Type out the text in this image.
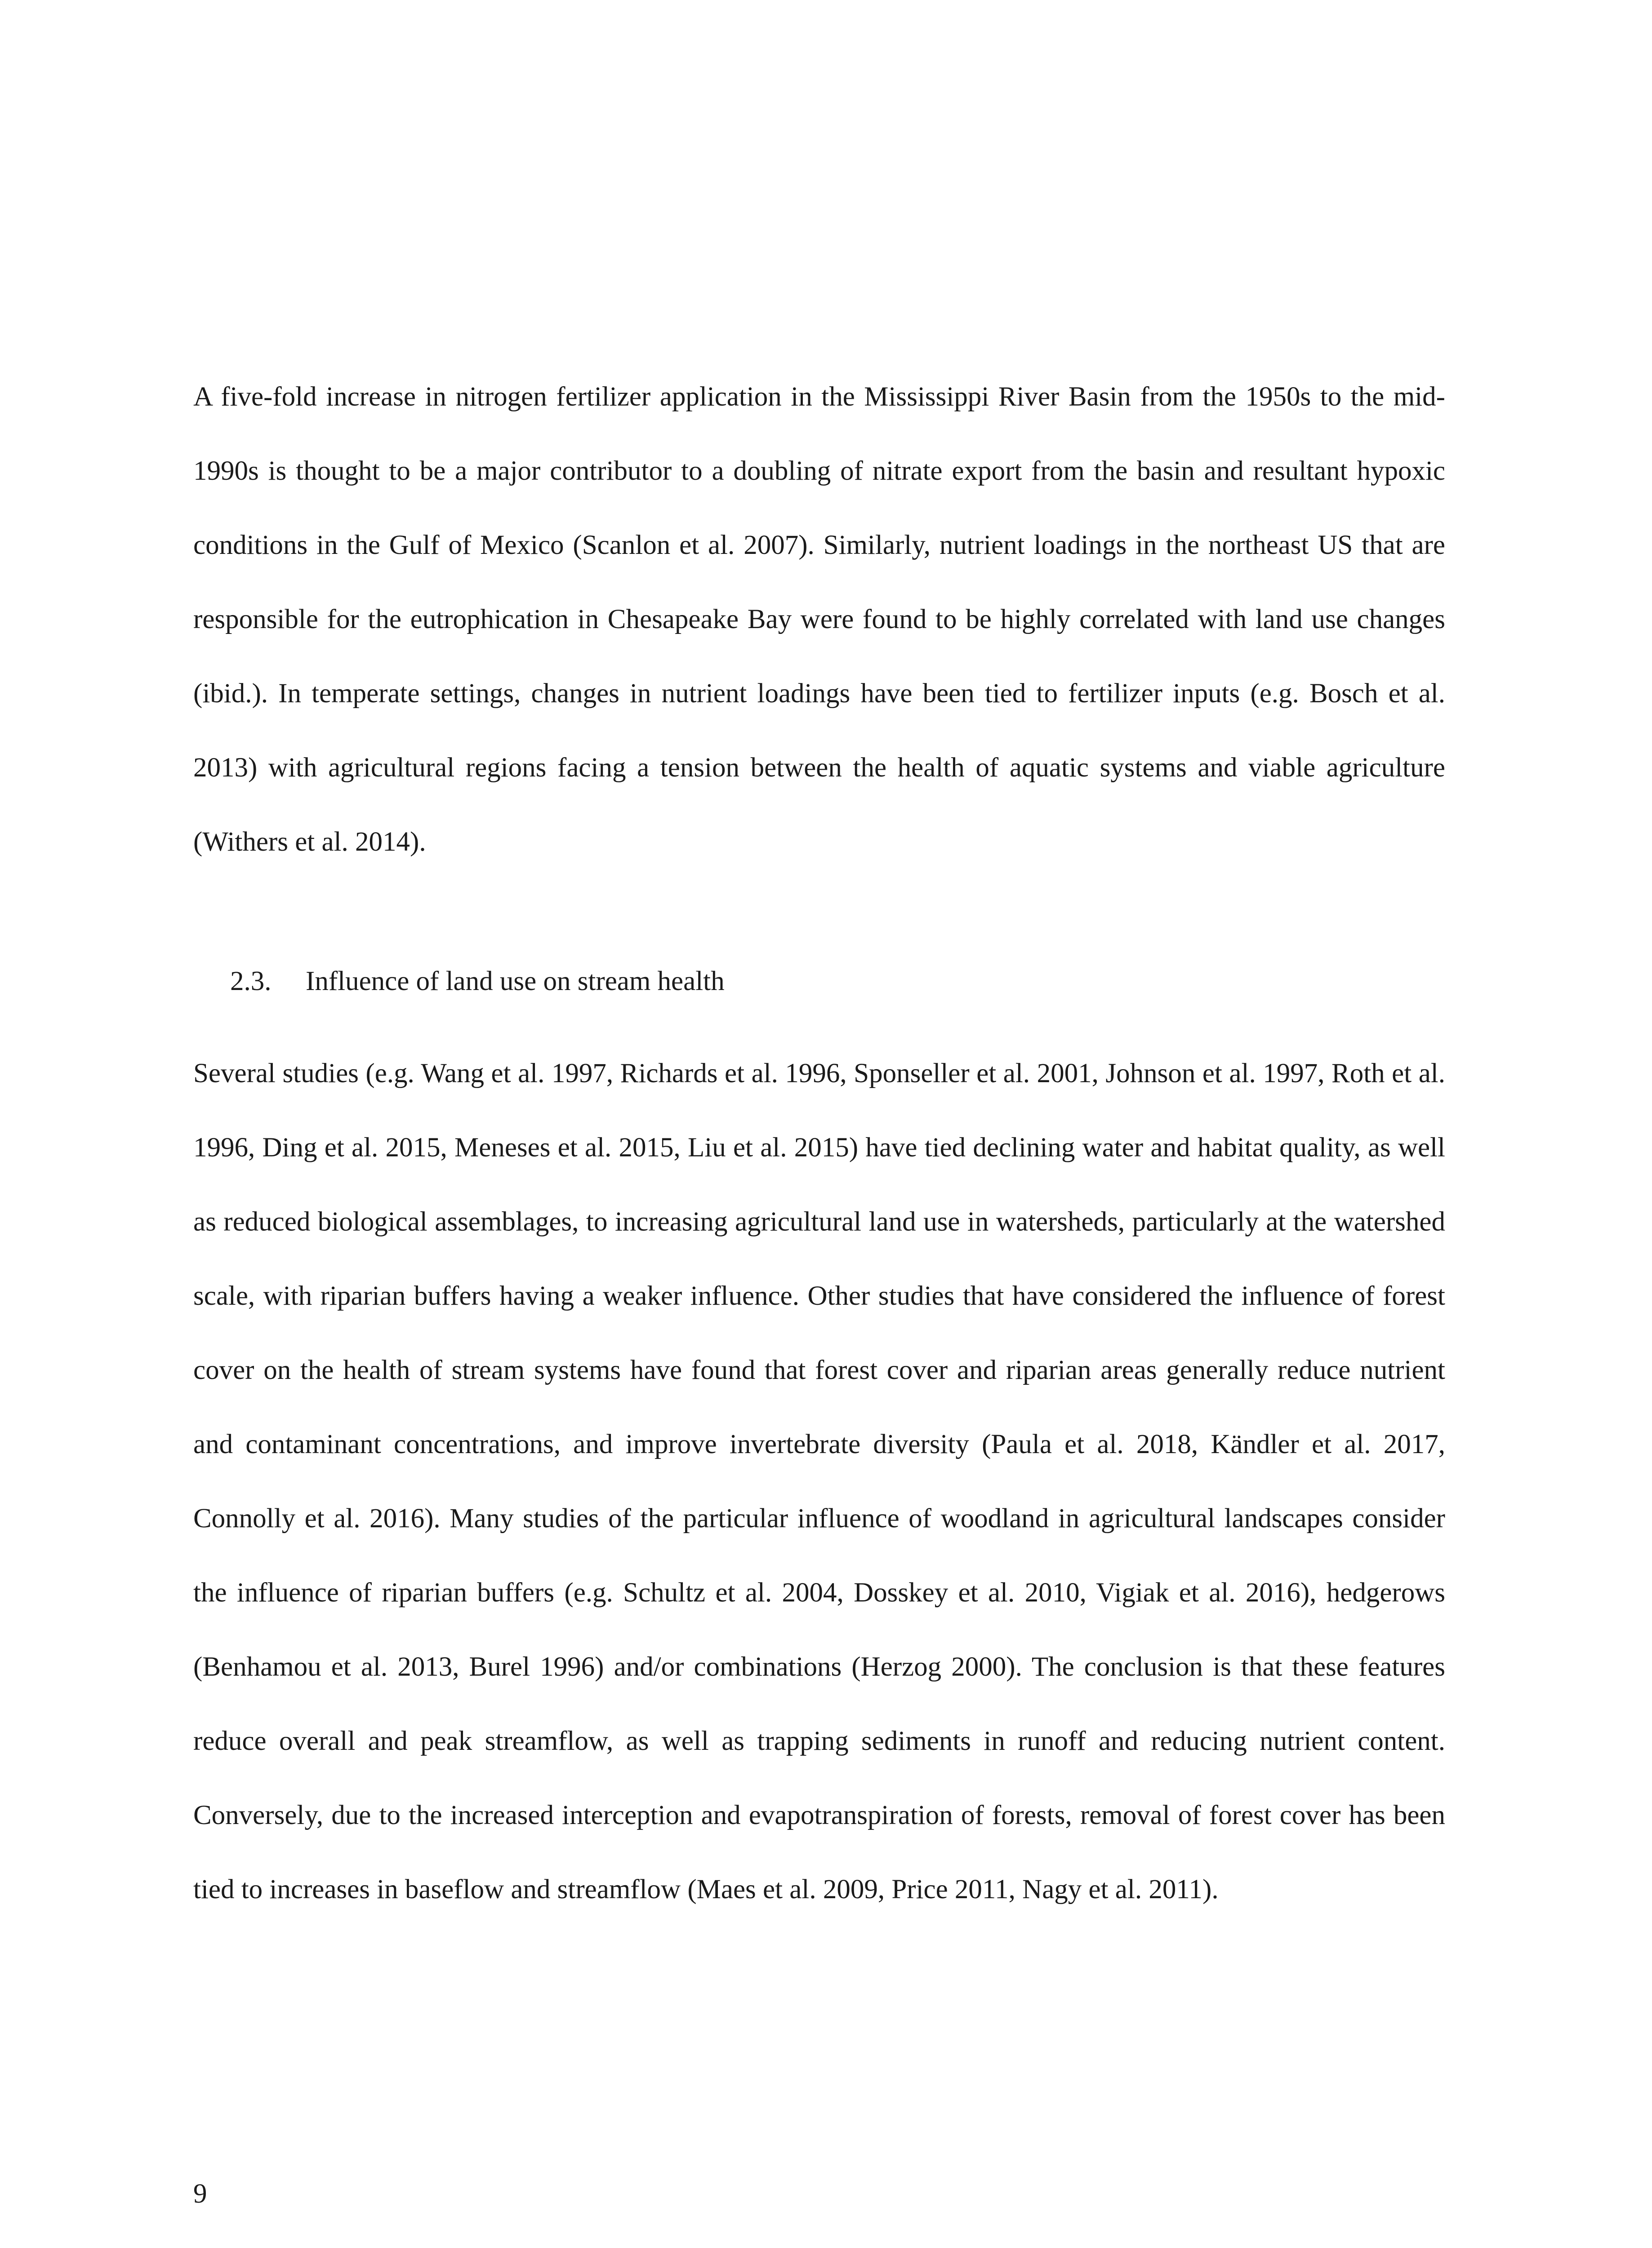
A five-fold increase in nitrogen fertilizer application in the Mississippi River Basin from the 1950s to the mid-1990s is thought to be a major contributor to a doubling of nitrate export from the basin and resultant hypoxic conditions in the Gulf of Mexico (Scanlon et al. 2007). Similarly, nutrient loadings in the northeast US that are responsible for the eutrophication in Chesapeake Bay were found to be highly correlated with land use changes (ibid.). In temperate settings, changes in nutrient loadings have been tied to fertilizer inputs (e.g. Bosch et al. 2013) with agricultural regions facing a tension between the health of aquatic systems and viable agriculture (Withers et al. 2014).

2.3.	Influence of land use on stream health

Several studies (e.g. Wang et al. 1997, Richards et al. 1996, Sponseller et al. 2001, Johnson et al. 1997, Roth et al. 1996, Ding et al. 2015, Meneses et al. 2015, Liu et al. 2015) have tied declining water and habitat quality, as well as reduced biological assemblages, to increasing agricultural land use in watersheds, particularly at the watershed scale, with riparian buffers having a weaker influence. Other studies that have considered the influence of forest cover on the health of stream systems have found that forest cover and riparian areas generally reduce nutrient and contaminant concentrations, and improve invertebrate diversity (Paula et al. 2018, Kändler et al. 2017, Connolly et al. 2016). Many studies of the particular influence of woodland in agricultural landscapes consider the influence of riparian buffers (e.g. Schultz et al. 2004, Dosskey et al. 2010, Vigiak et al. 2016), hedgerows (Benhamou et al. 2013, Burel 1996) and/or combinations (Herzog 2000). The conclusion is that these features reduce overall and peak streamflow, as well as trapping sediments in runoff and reducing nutrient content. Conversely, due to the increased interception and evapotranspiration of forests, removal of forest cover has been tied to increases in baseflow and streamflow (Maes et al. 2009, Price 2011, Nagy et al. 2011).

9
